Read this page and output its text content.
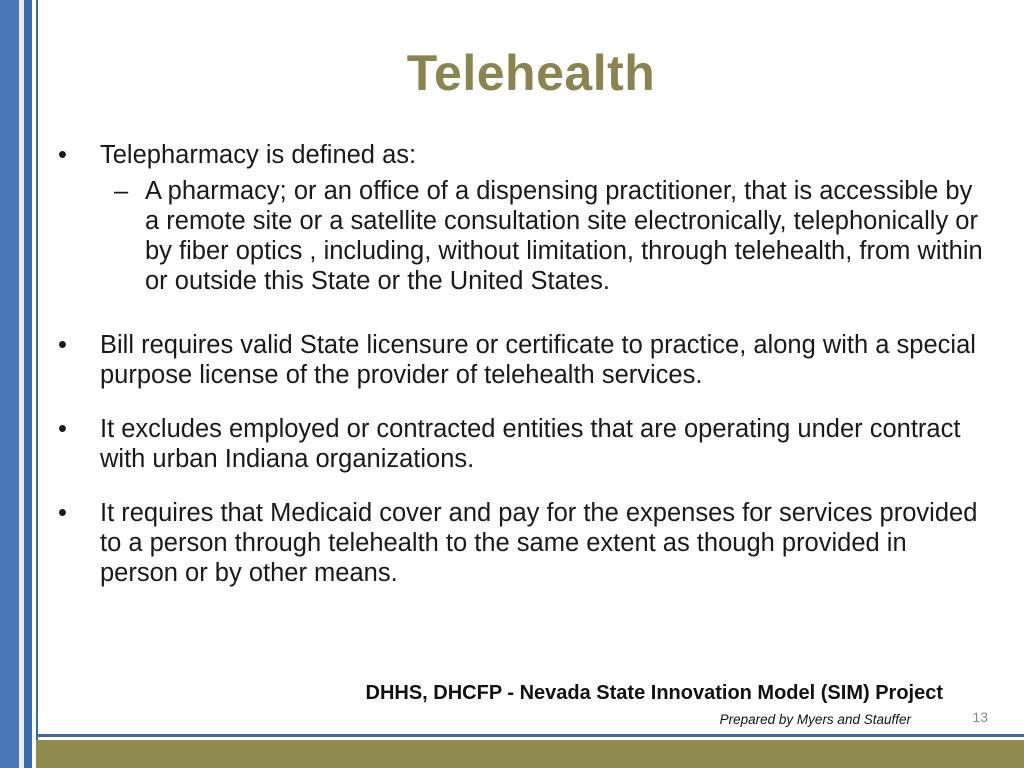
Telehealth
• Telepharmacy is defined as:
– A pharmacy; or an office of a dispensing practitioner, that is accessible by a remote site or a satellite consultation site electronically, telephonically or by fiber optics , including, without limitation, through telehealth, from within or outside this State or the United States.
• Bill requires valid State licensure or certificate to practice, along with a special purpose license of the provider of telehealth services.
• It excludes employed or contracted entities that are operating under contract with urban Indiana organizations.
• It requires that Medicaid cover and pay for the expenses for services provided to a person through telehealth to the same extent as though provided in person or by other means.
DHHS, DHCFP - Nevada State Innovation Model (SIM) Project
Prepared by Myers and Stauffer	13
